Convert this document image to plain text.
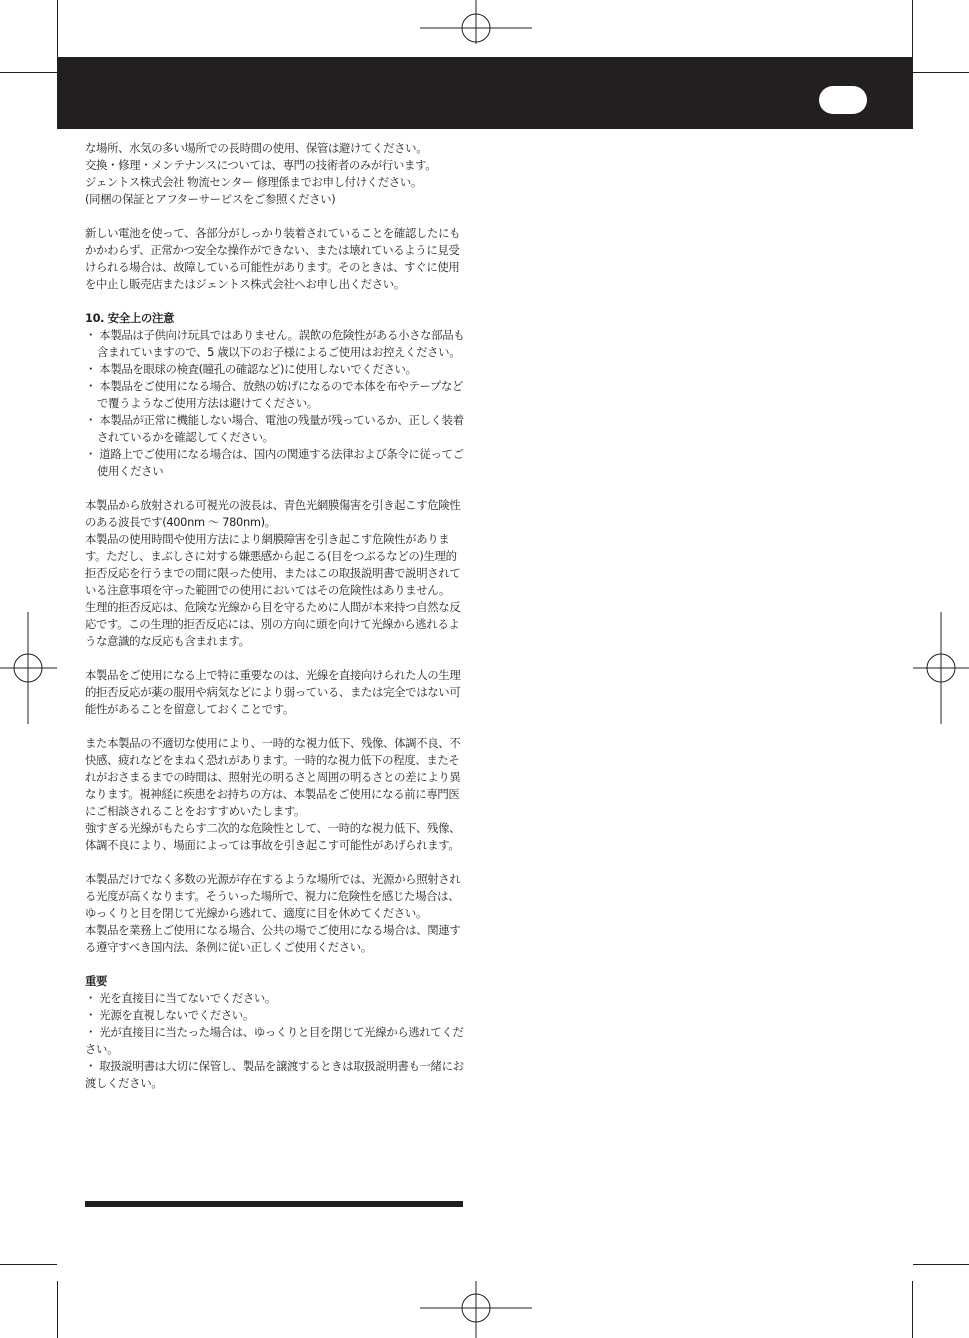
な場所、水気の多い場所での長時間の使用、保管は避けてください。

交換・修理・メンテナンスについては、専門の技術者のみが行います。

ジェントス株式会社 物流センター 修理係までお申し付けください。

(同梱の保証とアフターサービスをご参照ください)

新しい電池を使って、各部分がしっかり装着されていることを確認したにもかかわらず、正常かつ安全な操作ができない、または壊れているように見受けられる場合は、故障している可能性があります。そのときは、すぐに使用を中止し販売店またはジェントス株式会社へお申し出ください。

10. 安全上の注意

・ 本製品は子供向け玩具ではありません。誤飲の危険性がある小さな部品も含まれていますので、5 歳以下のお子様によるご使用はお控えください。

・ 本製品を眼球の検査(瞳孔の確認など)に使用しないでください。

・ 本製品をご使用になる場合、放熱の妨げになるので本体を布やテープなどで覆うようなご使用方法は避けてください。

・ 本製品が正常に機能しない場合、電池の残量が残っているか、正しく装着されているかを確認してください。

・ 道路上でご使用になる場合は、国内の関連する法律および条令に従ってご使用ください

本製品から放射される可視光の波長は、青色光網膜傷害を引き起こす危険性のある波長です(400nm ～ 780nm)。

本製品の使用時間や使用方法により網膜障害を引き起こす危険性があります。ただし、まぶしさに対する嫌悪感から起こる(目をつぶるなどの)生理的拒否反応を行うまでの間に限った使用、またはこの取扱説明書で説明されている注意事項を守った範囲での使用においてはその危険性はありません。

生理的拒否反応は、危険な光線から目を守るために人間が本来持つ自然な反応です。この生理的拒否反応には、別の方向に頭を向けて光線から逃れるような意識的な反応も含まれます。

本製品をご使用になる上で特に重要なのは、光線を直接向けられた人の生理的拒否反応が薬の服用や病気などにより弱っている、または完全ではない可能性があることを留意しておくことです。

また本製品の不適切な使用により、一時的な視力低下、残像、体調不良、不快感、疲れなどをまねく恐れがあります。一時的な視力低下の程度、またそれがおさまるまでの時間は、照射光の明るさと周囲の明るさとの差により異なります。視神経に疾患をお持ちの方は、本製品をご使用になる前に専門医にご相談されることをおすすめいたします。

強すぎる光線がもたらす二次的な危険性として、一時的な視力低下、残像、体調不良により、場面によっては事故を引き起こす可能性があげられます。

本製品だけでなく多数の光源が存在するような場所では、光源から照射される光度が高くなります。そういった場所で、視力に危険性を感じた場合は、ゆっくりと目を閉じて光線から逃れて、適度に目を休めてください。

本製品を業務上ご使用になる場合、公共の場でご使用になる場合は、関連する遵守すべき国内法、条例に従い正しくご使用ください。

重要

・ 光を直接目に当てないでください。

・ 光源を直視しないでください。

・ 光が直接目に当たった場合は、ゆっくりと目を閉じて光線から逃れてください。

・ 取扱説明書は大切に保管し、製品を譲渡するときは取扱説明書も一緒にお渡しください。
